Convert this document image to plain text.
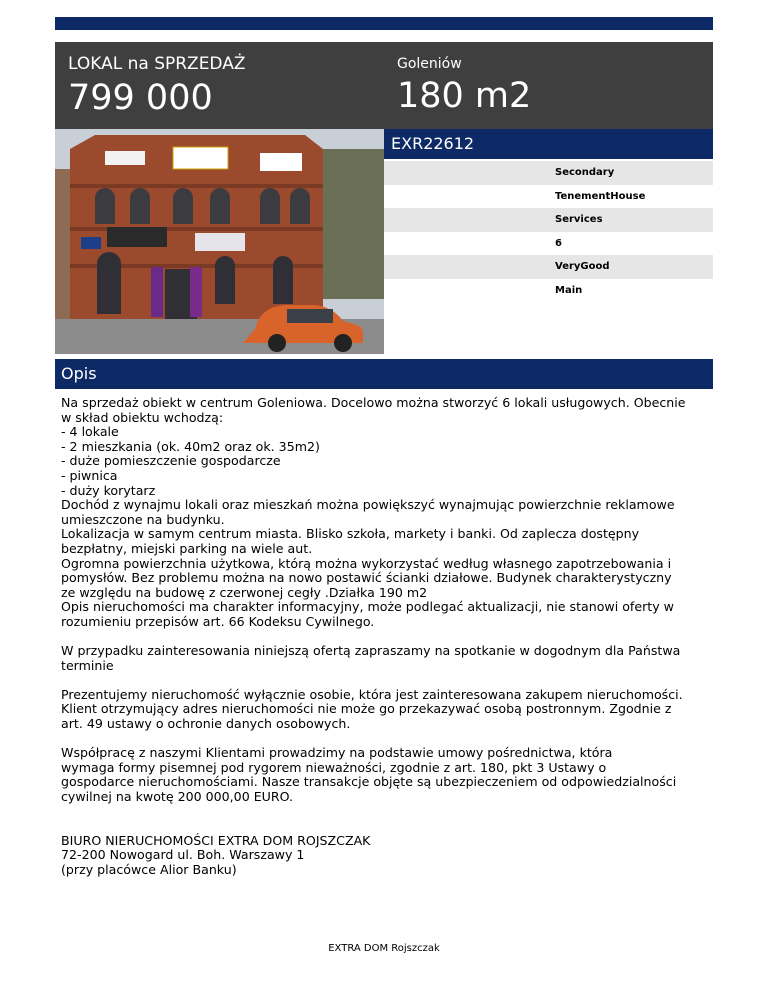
LOKAL na SPRZEDAŻ
799 000
Goleniów
180 m2
EXR22612
Secondary
TenementHouse
Services
6
VeryGood
Main
Opis

Na sprzedaż obiekt w centrum Goleniowa. Docelowo można stworzyć 6 lokali usługowych. Obecnie

w skład obiektu wchodzą:

- 4 lokale

- 2 mieszkania (ok. 40m2 oraz ok. 35m2)

- duże pomieszczenie gospodarcze

- piwnica

- duży korytarz

Dochód z wynajmu lokali oraz mieszkań można powiększyć wynajmując powierzchnie reklamowe

umieszczone na budynku.

Lokalizacja w samym centrum miasta. Blisko szkoła, markety i banki. Od zaplecza dostępny

bezpłatny, miejski parking na wiele aut.

Ogromna powierzchnia użytkowa, którą można wykorzystać według własnego zapotrzebowania i

pomysłów. Bez problemu można na nowo postawić ścianki działowe. Budynek charakterystyczny

ze względu na budowę z czerwonej cegły .Działka 190 m2

Opis nieruchomości ma charakter informacyjny, może podlegać aktualizacji, nie stanowi oferty w

rozumieniu przepisów art. 66 Kodeksu Cywilnego.

W przypadku zainteresowania niniejszą ofertą zapraszamy na spotkanie w dogodnym dla Państwa

terminie

Prezentujemy nieruchomość wyłącznie osobie, która jest zainteresowana zakupem nieruchomości.

Klient otrzymujący adres nieruchomości nie może go przekazywać osobą postronnym. Zgodnie z

art. 49 ustawy o ochronie danych osobowych.

Współpracę z naszymi Klientami prowadzimy na podstawie umowy pośrednictwa, która

wymaga formy pisemnej pod rygorem nieważności, zgodnie z art. 180, pkt 3 Ustawy o

gospodarce nieruchomościami. Nasze transakcje objęte są ubezpieczeniem od odpowiedzialności

cywilnej na kwotę 200 000,00 EURO.

BIURO NIERUCHOMOŚCI EXTRA DOM ROJSZCZAK

72-200 Nowogard ul. Boh. Warszawy 1

(przy placówce Alior Banku)

EXTRA DOM Rojszczak
